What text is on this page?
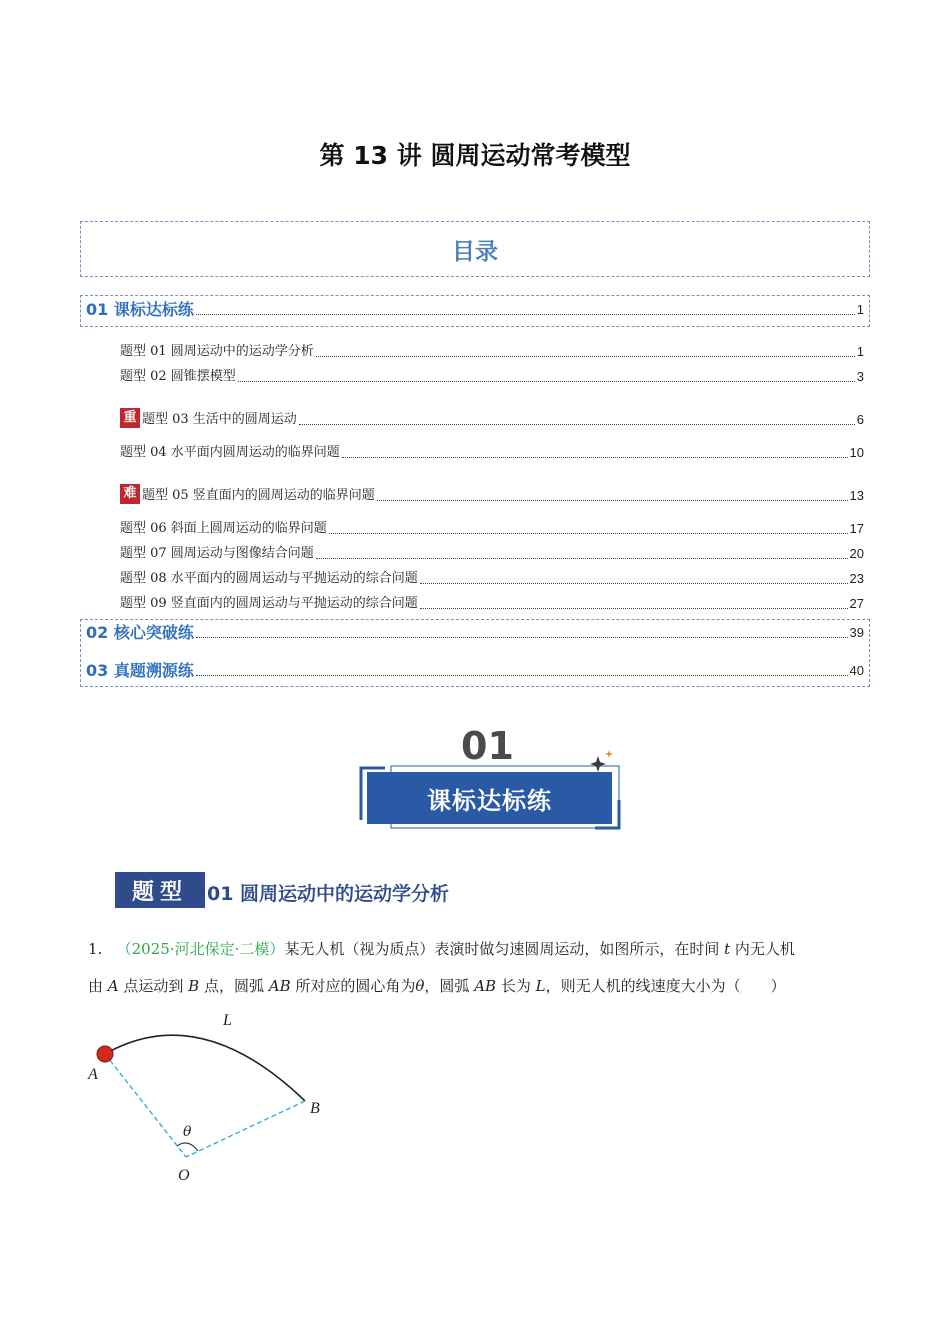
第 13 讲 圆周运动常考模型
目录
01 课标达标练	1
02 核心突破练	39
03 真题溯源练	40
题型 01 圆周运动中的运动学分析	1
题型 02 圆锥摆模型	3
重 题型 03 生活中的圆周运动	6
题型 04 水平面内圆周运动的临界问题	10
难 题型 05 竖直面内的圆周运动的临界问题	13
题型 06 斜面上圆周运动的临界问题	17
题型 07 圆周运动与图像结合问题	20
题型 08 水平面内的圆周运动与平抛运动的综合问题	23
题型 09 竖直面内的圆周运动与平抛运动的综合问题	27
01
课标达标练
题型	01 圆周运动中的运动学分析
1. （2025·河北保定·二模）某无人机（视为质点）表演时做匀速圆周运动，如图所示，在时间 t 内无人机
由 A 点运动到 B 点，圆弧 AB 所对应的圆心角为θ，圆弧 AB 长为 L，则无人机的线速度大小为（　　）
L
A
B
O
θ
